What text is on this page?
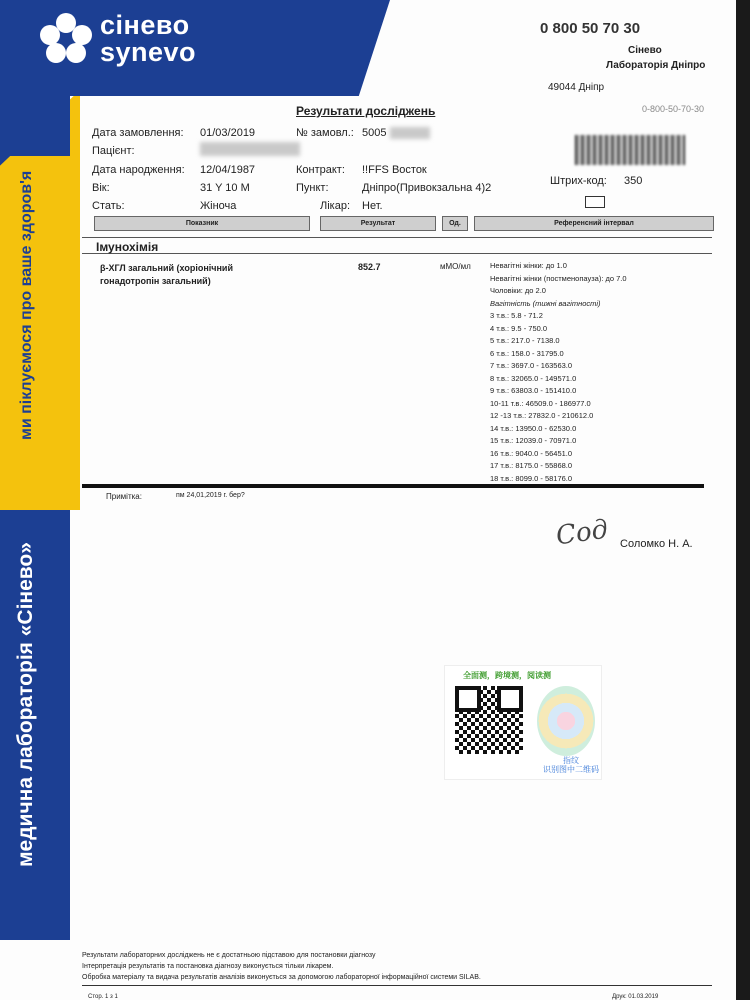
сінево
synevo
ми піклуємося про ваше здоров'я
медична лабораторія «Сінево»
0 800 50 70 30
Сінево
Лабораторія Дніпро
49044 Дніпр
0-800-50-70-30
Результати досліджень
Дата замовлення: 01/03/2019	№ замовл.: 5005
Пацієнт:
Дата народження: 12/04/1987	Контракт: !!FFS Восток
Вік:	31 Y 10 M	Пункт:	Дніпро(Привокзальна 4)2
Штрих-код: 350
Стать:	Жіноча	Лікар: Нет.
Показник	Результат	Од.	Референсний інтервал
Імунохімія
β-ХГЛ загальний (хоріонічний гонадотропін загальний)
852.7	мМО/мл	Невагітні жінки: до 1.0
Невагітні жінки (постменопауза): до 7.0
Чоловіки: до 2.0
Вагітність (тижні вагітності)
3 т.в.: 5.8 - 71.2
4 т.в.: 9.5 - 750.0
5 т.в.: 217.0 - 7138.0
6 т.в.: 158.0 - 31795.0
7 т.в.: 3697.0 - 163563.0
8 т.в.: 32065.0 - 149571.0
9 т.в.: 63803.0 - 151410.0
10-11 т.в.: 46509.0 - 186977.0
12 -13 т.в.: 27832.0 - 210612.0
14 т.в.: 13950.0 - 62530.0
15 т.в.: 12039.0 - 70971.0
16 т.в.: 9040.0 - 56451.0
17 т.в.: 8175.0 - 55868.0
18 т.в.: 8099.0 - 58176.0
Примітка:	пм 24,01,2019 г. бер?
Сод Соломко Н. А.
全面测，跨境测，阅读测
指纹
识别图中二维码
Результати лабораторних досліджень не є достатньою підставою для постановки діагнозу
Інтерпретація результатів та постановка діагнозу виконується тільки лікарем.
Обробка матеріалу та видача результатів аналізів виконується за допомогою лабораторної інформаційної системи SILAB.
Стор. 1 з 1	Друк: 01.03.2019
